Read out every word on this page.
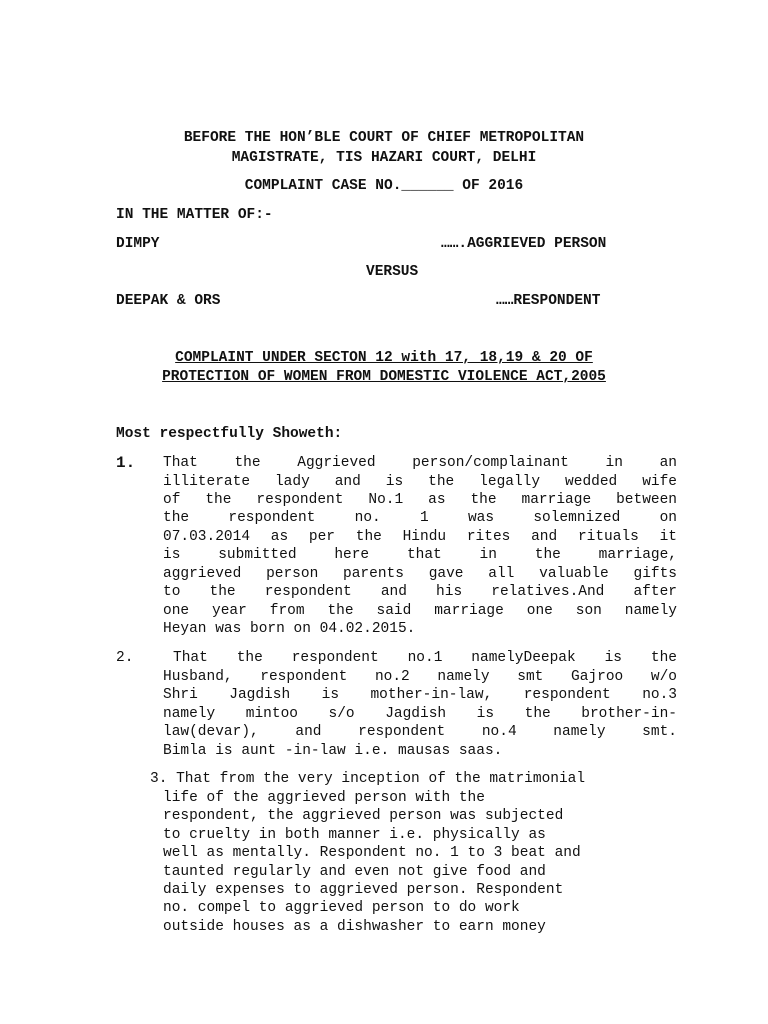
BEFORE THE HON’BLE COURT OF CHIEF METROPOLITAN
MAGISTRATE, TIS HAZARI COURT, DELHI
COMPLAINT CASE NO.______ OF 2016
IN THE MATTER OF:-
DIMPY	…….AGGRIEVED PERSON
VERSUS
DEEPAK & ORS	……RESPONDENT
COMPLAINT UNDER SECTON 12 with 17, 18,19 & 20 OF
PROTECTION OF WOMEN FROM DOMESTIC VIOLENCE ACT,2005
Most respectfully Showeth:
1. That the Aggrieved person/complainant in an
illiterate lady and is the legally wedded wife
of the respondent No.1 as the marriage between
the respondent no. 1 was solemnized on
07.03.2014 as per the Hindu rites and rituals it
is submitted here that in the marriage,
aggrieved person parents gave all valuable gifts
to the respondent and his relatives.And after
one year from the said marriage one son namely
Heyan was born on 04.02.2015.
2.	That the respondent no.1 namelyDeepak is the
Husband, respondent no.2 namely smt Gajroo w/o
Shri Jagdish is mother-in-law, respondent no.3
namely mintoo s/o Jagdish is the brother-in-
law(devar), and respondent no.4 namely smt.
Bimla is aunt -in-law i.e. mausas saas.
3. That from the very inception of the matrimonial
life of the aggrieved person with the
respondent, the aggrieved person was subjected
to cruelty in both manner i.e. physically as
well as mentally. Respondent no. 1 to 3 beat and
taunted regularly and even not give food and
daily expenses to aggrieved person. Respondent
no. compel to aggrieved person to do work
outside houses as a dishwasher to earn money
